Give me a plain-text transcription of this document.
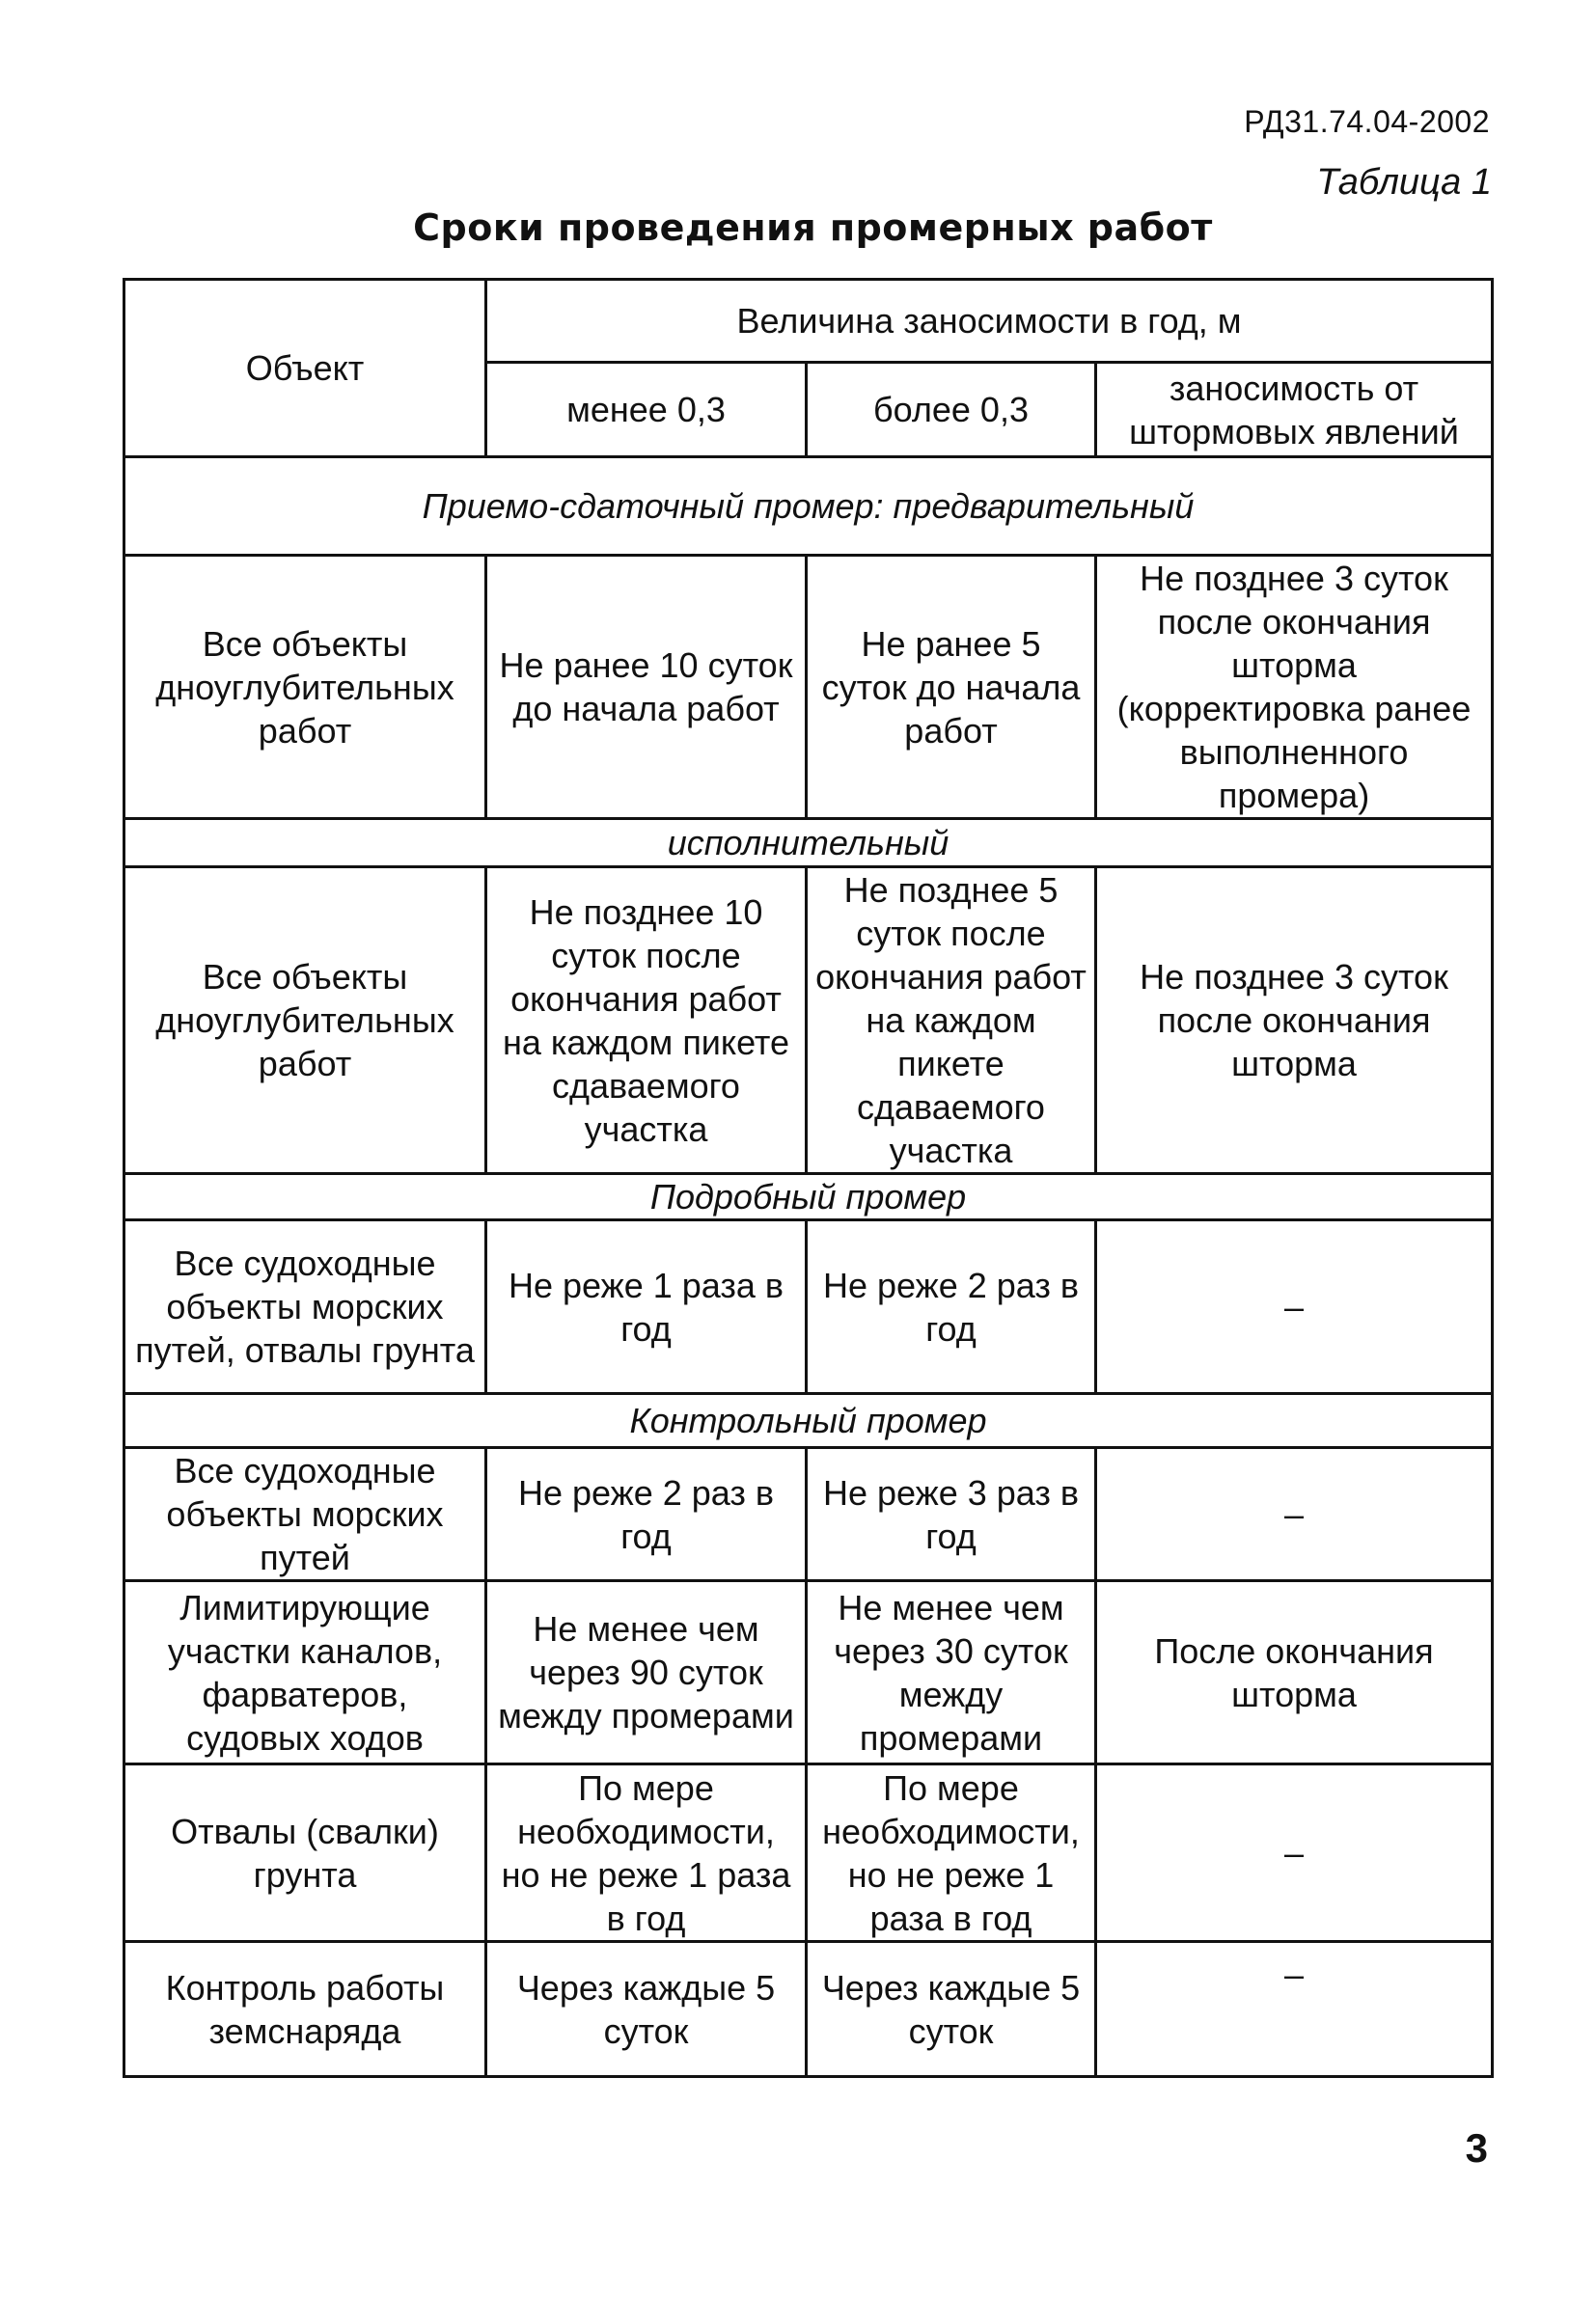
РД31.74.04-2002
Таблица 1
Сроки проведения промерных работ
Объект	Величина заносимости в год, м		
	менее 0,3	более 0,3	заносимость от штормовых явлений
Приемо-сдаточный промер: предварительный			
Все объекты дноуглубительных работ	Не ранее 10 суток до начала работ	Не ранее 5 суток до начала работ	Не позднее 3 суток после окончания шторма (корректировка ранее выполненного промера)
исполнительный			
Все объекты дноуглубительных работ	Не позднее 10 суток после окончания работ на каждом пикете сдаваемого участка	Не позднее 5 суток после окончания работ на каждом пикете сдаваемого участка	Не позднее 3 суток после окончания шторма
Подробный промер			
Все судоходные объекты морских путей, отвалы грунта	Не реже 1 раза в год	Не реже 2 раз в год	–
Контрольный промер			
Все судоходные объекты морских путей	Не реже 2 раз в год	Не реже 3 раз в год	–
Лимитирующие участки каналов, фарватеров, судовых ходов	Не менее чем через 90 суток между промерами	Не менее чем через 30 суток между промерами	После окончания шторма
Отвалы (свалки) грунта	По мере необходимости, но не реже 1 раза в год	По мере необходимости, но не реже 1 раза в год	–
Контроль работы земснаряда	Через каждые 5 суток	Через каждые 5 суток	–
3
